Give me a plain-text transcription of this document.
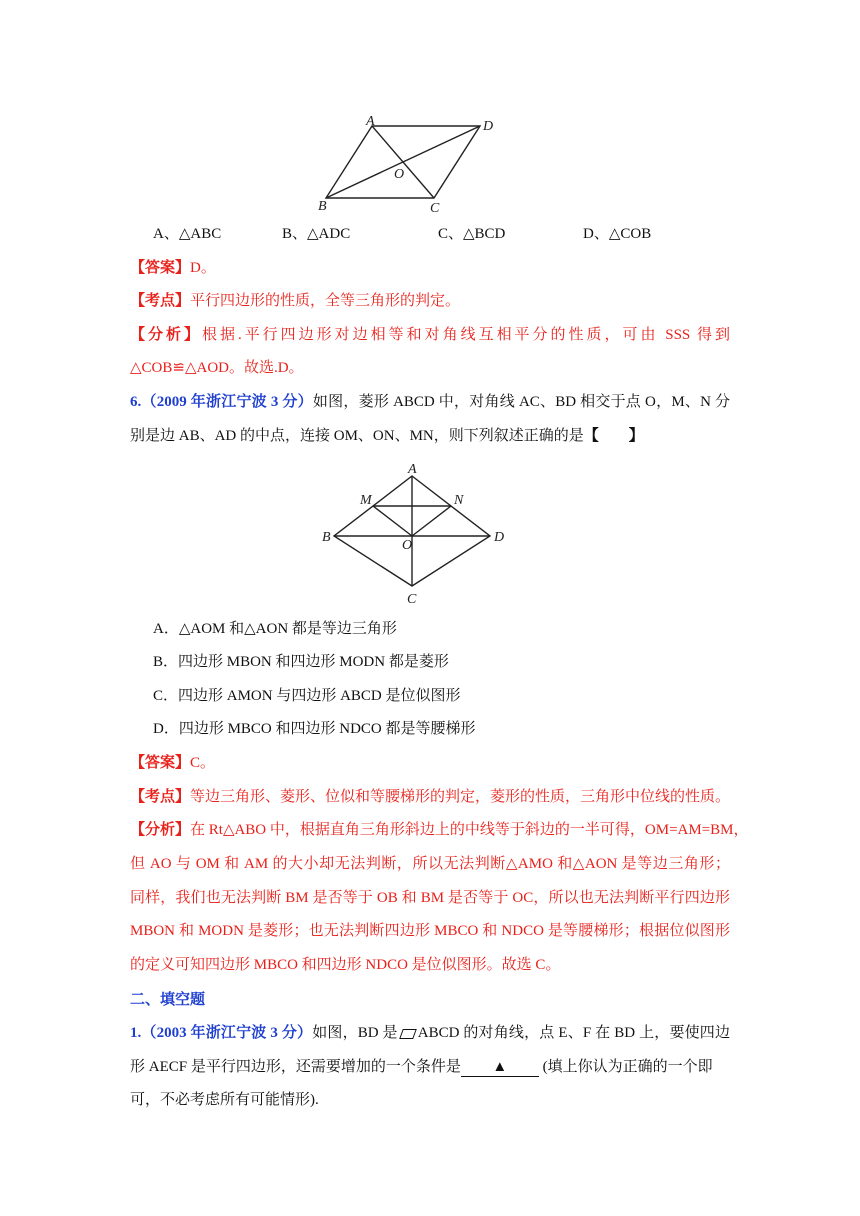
A	D
O
B	C
A、△ABC	B、△ADC	C、△BCD	D、△COB
【答案】D。
【考点】平行四边形的性质，全等三角形的判定。
【分析】根据.平行四边形对边相等和对角线互相平分的性质，可由 SSS 得到
△COB≌△AOD。故选.D。
6.（2009 年浙江宁波 3 分）如图，菱形 ABCD 中，对角线 AC、BD 相交于点 O，M、N 分
别是边 AB、AD 的中点，连接 OM、ON、MN，则下列叙述正确的是【　　】
A
M	N
B	D
O
C
A．△AOM 和△AON 都是等边三角形
B．四边形 MBON 和四边形 MODN 都是菱形
C．四边形 AMON 与四边形 ABCD 是位似图形
D．四边形 MBCO 和四边形 NDCO 都是等腰梯形
【答案】C。
【考点】等边三角形、菱形、位似和等腰梯形的判定，菱形的性质，三角形中位线的性质。
【分析】在 Rt△ABO 中，根据直角三角形斜边上的中线等于斜边的一半可得，OM=AM=BM，
但 AO 与 OM 和 AM 的大小却无法判断，所以无法判断△AMO 和△AON 是等边三角形；
同样，我们也无法判断 BM 是否等于 OB 和 BM 是否等于 OC，所以也无法判断平行四边形
MBON 和 MODN 是菱形；也无法判断四边形 MBCO 和 NDCO 是等腰梯形；根据位似图形
的定义可知四边形 MBCO 和四边形 NDCO 是位似图形。故选 C。
二、填空题
1.（2003 年浙江宁波 3 分）如图，BD 是 ABCD 的对角线，点 E、F 在 BD 上，要使四边
形 AECF 是平行四边形，还需要增加的一个条件是 ▲ (填上你认为正确的一个即
可，不必考虑所有可能情形).
